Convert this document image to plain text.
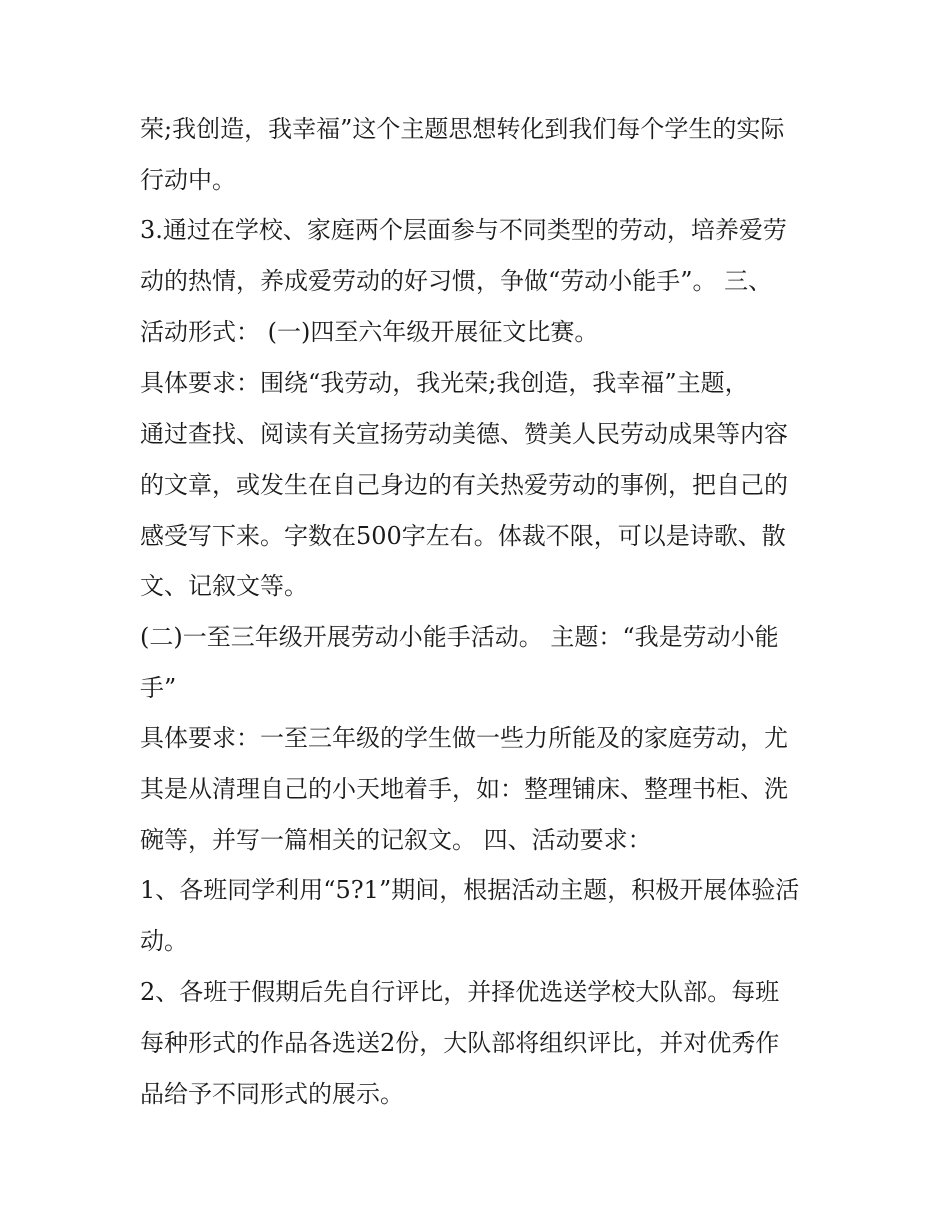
荣;我创造，我幸福”这个主题思想转化到我们每个学生的实际
行动中。
3.通过在学校、家庭两个层面参与不同类型的劳动，培养爱劳
动的热情，养成爱劳动的好习惯，争做“劳动小能手”。 三、
活动形式： (一)四至六年级开展征文比赛。
具体要求：围绕“我劳动，我光荣;我创造，我幸福”主题，
通过查找、阅读有关宣扬劳动美德、赞美人民劳动成果等内容
的文章，或发生在自己身边的有关热爱劳动的事例，把自己的
感受写下来。字数在500字左右。体裁不限，可以是诗歌、散
文、记叙文等。
(二)一至三年级开展劳动小能手活动。 主题：“我是劳动小能
手”
具体要求：一至三年级的学生做一些力所能及的家庭劳动，尤
其是从清理自己的小天地着手，如：整理铺床、整理书柜、洗
碗等，并写一篇相关的记叙文。 四、活动要求：
1、各班同学利用“5?1”期间，根据活动主题，积极开展体验活
动。
2、各班于假期后先自行评比，并择优选送学校大队部。每班
每种形式的作品各选送2份，大队部将组织评比，并对优秀作
品给予不同形式的展示。
